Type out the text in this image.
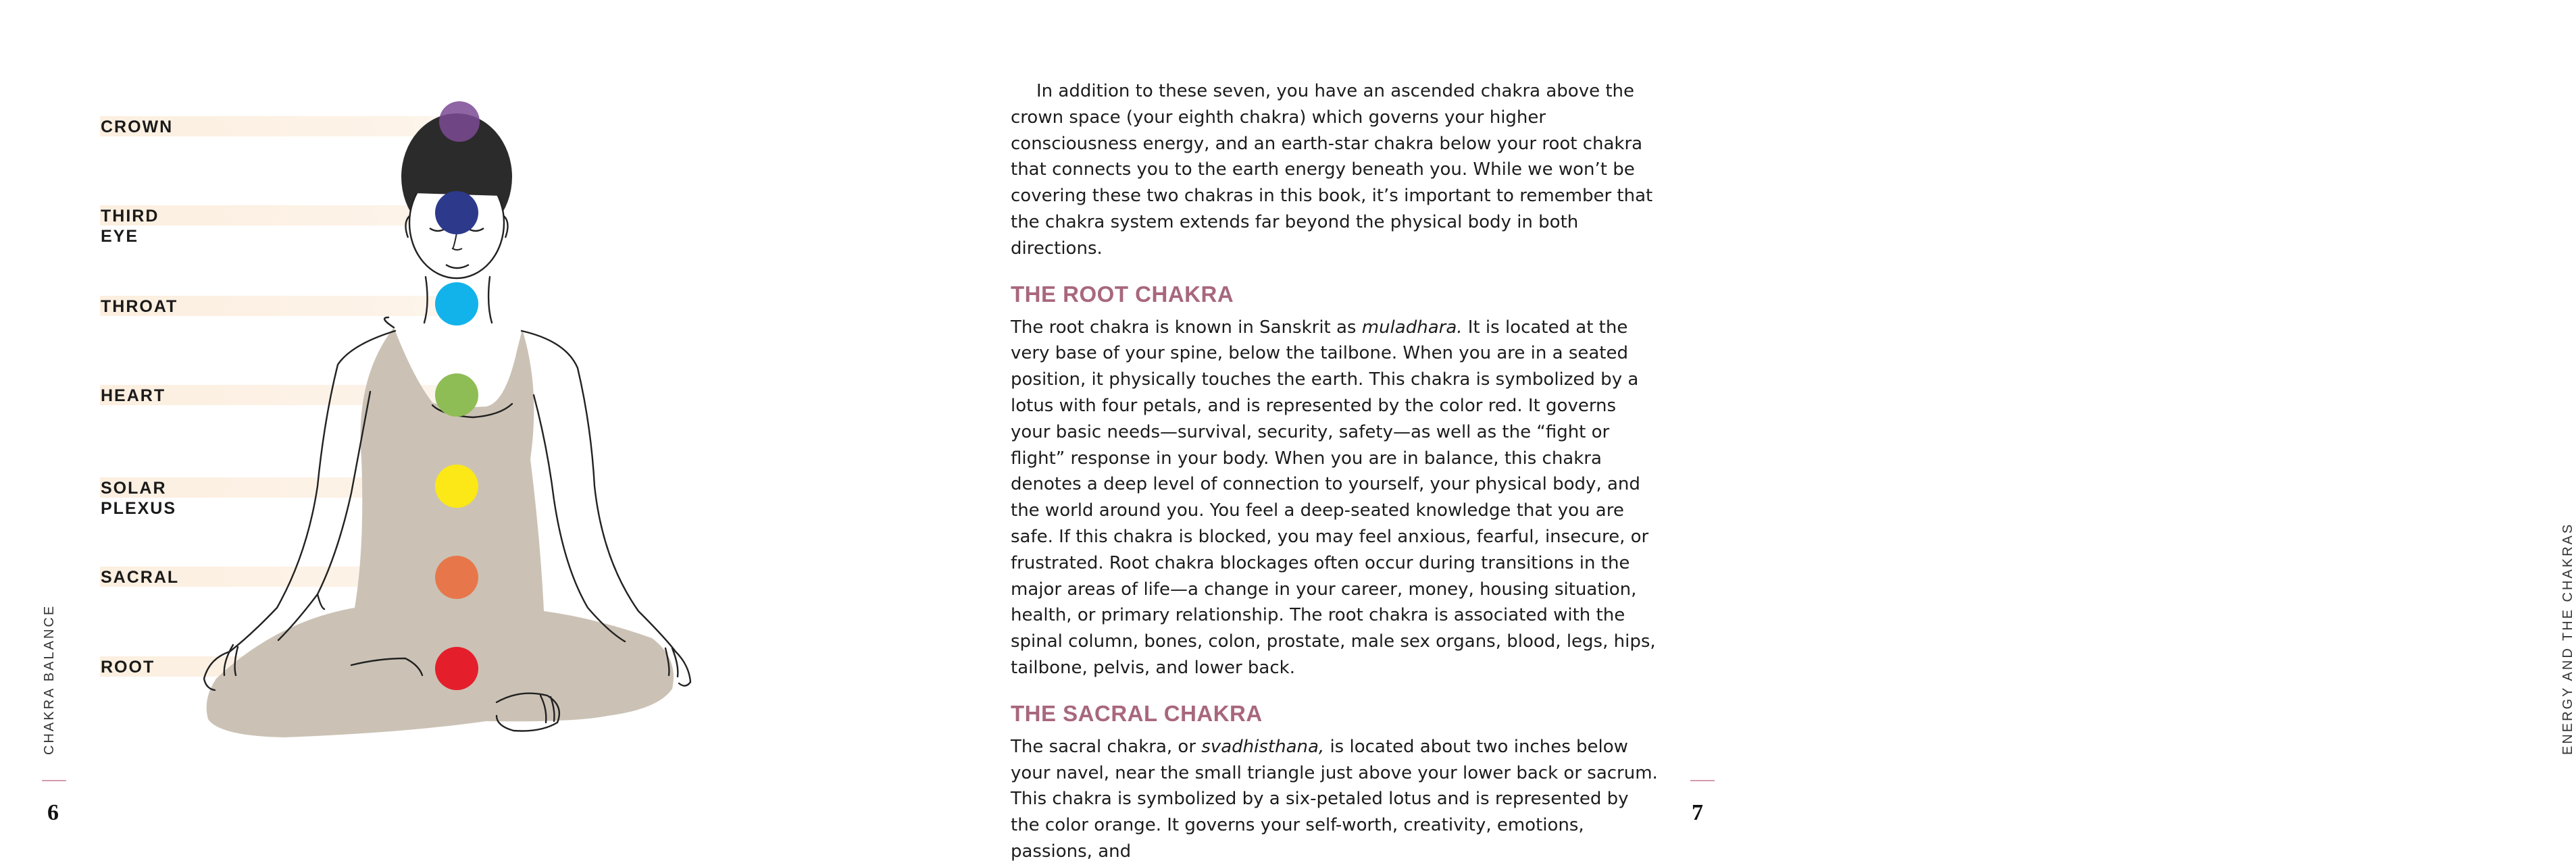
CROWN
THIRD EYE
THROAT
HEART
SOLAR PLEXUS
SACRAL
ROOT
CHAKRA BALANCE
6

In addition to these seven, you have an ascended chakra above the crown space (your eighth chakra) which governs your higher consciousness energy, and an earth-star chakra below your root chakra that connects you to the earth energy beneath you. While we won’t be covering these two chakras in this book, it’s important to remember that the chakra system extends far beyond the physical body in both directions.

THE ROOT CHAKRA

The root chakra is known in Sanskrit as muladhara. It is located at the very base of your spine, below the tailbone. When you are in a seated position, it physically touches the earth. This chakra is symbolized by a lotus with four petals, and is represented by the color red. It governs your basic needs—survival, security, safety—as well as the “fight or flight” response in your body. When you are in balance, this chakra denotes a deep level of connection to yourself, your physical body, and the world around you. You feel a deep-seated knowledge that you are safe. If this chakra is blocked, you may feel anxious, fearful, insecure, or frustrated. Root chakra blockages often occur during transitions in the major areas of life—a change in your career, money, housing situation, health, or primary relationship. The root chakra is associated with the spinal column, bones, colon, prostate, male sex organs, blood, legs, hips, tailbone, pelvis, and lower back.

THE SACRAL CHAKRA

The sacral chakra, or svadhisthana, is located about two inches below your navel, near the small triangle just above your lower back or sacrum. This chakra is symbolized by a six-petaled lotus and is represented by the color orange. It governs your self-worth, creativity, emotions, passions, and

ENERGY AND THE CHAKRAS
7
